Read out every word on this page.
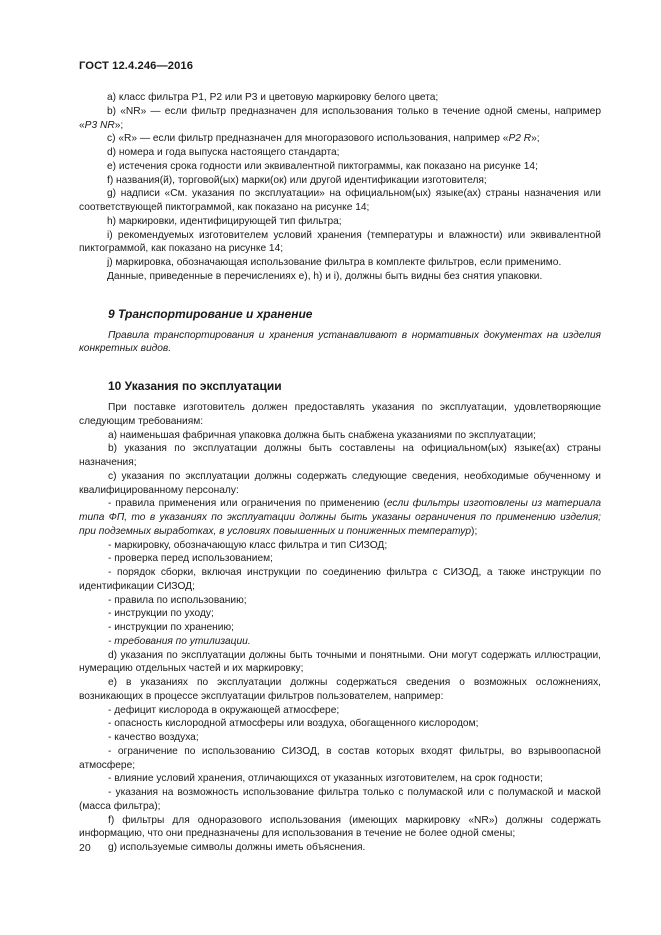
ГОСТ 12.4.246—2016

a) класс фильтра Р1, Р2 или Р3 и цветовую маркировку белого цвета;

b) «NR» — если фильтр предназначен для использования только в течение одной смены, например «P3 NR»;

c) «R» — если фильтр предназначен для многоразового использования, например «P2 R»;

d) номера и года выпуска настоящего стандарта;

e) истечения срока годности или эквивалентной пиктограммы, как показано на рисунке 14;

f) названия(й), торговой(ых) марки(ок) или другой идентификации изготовителя;

g) надписи «См. указания по эксплуатации» на официальном(ых) языке(ах) страны назначения или соответствующей пиктограммой, как показано на рисунке 14;

h) маркировки, идентифицирующей тип фильтра;

i) рекомендуемых изготовителем условий хранения (температуры и влажности) или эквивалентной пиктограммой, как показано на рисунке 14;

j) маркировка, обозначающая использование фильтра в комплекте фильтров, если применимо.

Данные, приведенные в перечислениях е), h) и i), должны быть видны без снятия упаковки.

9 Транспортирование и хранение

Правила транспортирования и хранения устанавливают в нормативных документах на изделия конкретных видов.

10 Указания по эксплуатации

При поставке изготовитель должен предоставлять указания по эксплуатации, удовлетворяющие следующим требованиям:

a) наименьшая фабричная упаковка должна быть снабжена указаниями по эксплуатации;

b) указания по эксплуатации должны быть составлены на официальном(ых) языке(ах) страны назначения;

c) указания по эксплуатации должны содержать следующие сведения, необходимые обученному и квалифицированному персоналу:

- правила применения или ограничения по применению (если фильтры изготовлены из материала типа ФП, то в указаниях по эксплуатации должны быть указаны ограничения по применению изделия; при подземных выработках, в условиях повышенных и пониженных температур);

- маркировку, обозначающую класс фильтра и тип СИЗОД;

- проверка перед использованием;

- порядок сборки, включая инструкции по соединению фильтра с СИЗОД, а также инструкции по идентификации СИЗОД;

- правила по использованию;

- инструкции по уходу;

- инструкции по хранению;

- требования по утилизации.

d) указания по эксплуатации должны быть точными и понятными. Они могут содержать иллюстрации, нумерацию отдельных частей и их маркировку;

e) в указаниях по эксплуатации должны содержаться сведения о возможных осложнениях, возникающих в процессе эксплуатации фильтров пользователем, например:

- дефицит кислорода в окружающей атмосфере;

- опасность кислородной атмосферы или воздуха, обогащенного кислородом;

- качество воздуха;

- ограничение по использованию СИЗОД, в состав которых входят фильтры, во взрывоопасной атмосфере;

- влияние условий хранения, отличающихся от указанных изготовителем, на срок годности;

- указания на возможность использование фильтра только с полумаской или с полумаской и маской (масса фильтра);

f) фильтры для одноразового использования (имеющих маркировку «NR») должны содержать информацию, что они предназначены для использования в течение не более одной смены;

g) используемые символы должны иметь объяснения.

20
